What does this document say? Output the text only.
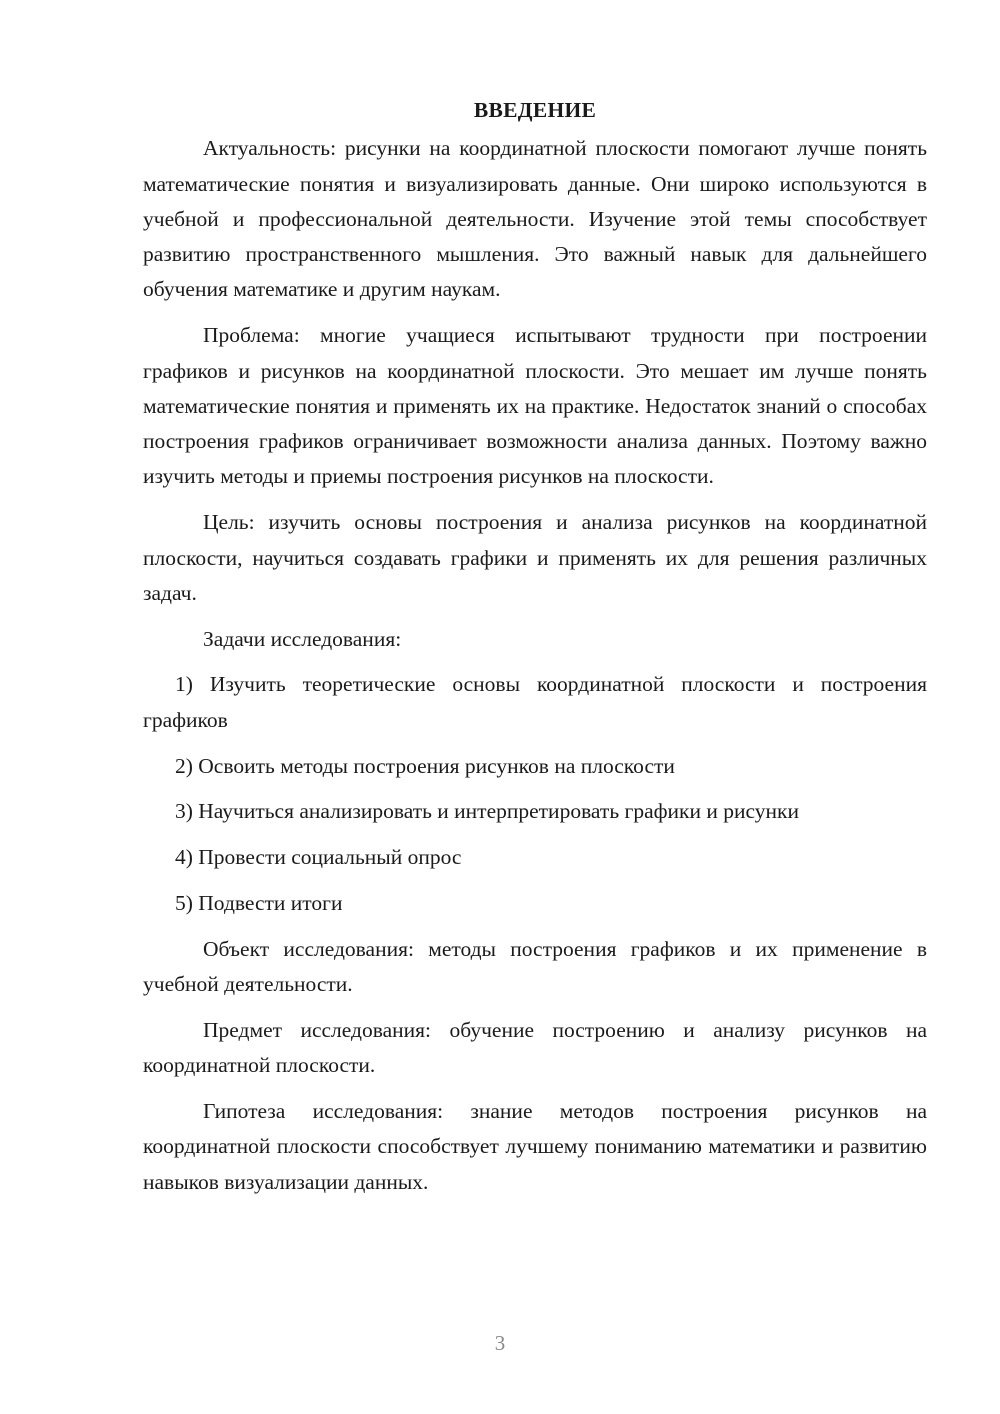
ВВЕДЕНИЕ

Актуальность: рисунки на координатной плоскости помогают лучше понять математические понятия и визуализировать данные. Они широко используются в учебной и профессиональной деятельности. Изучение этой темы способствует развитию пространственного мышления. Это важный навык для дальнейшего обучения математике и другим наукам.

Проблема: многие учащиеся испытывают трудности при построении графиков и рисунков на координатной плоскости. Это мешает им лучше понять математические понятия и применять их на практике. Недостаток знаний о способах построения графиков ограничивает возможности анализа данных. Поэтому важно изучить методы и приемы построения рисунков на плоскости.

Цель: изучить основы построения и анализа рисунков на координатной плоскости, научиться создавать графики и применять их для решения различных задач.

Задачи исследования:

1) Изучить теоретические основы координатной плоскости и построения графиков

2) Освоить методы построения рисунков на плоскости

3) Научиться анализировать и интерпретировать графики и рисунки

4) Провести социальный опрос

5) Подвести итоги

Объект исследования: методы построения графиков и их применение в учебной деятельности.

Предмет исследования: обучение построению и анализу рисунков на координатной плоскости.

Гипотеза исследования: знание методов построения рисунков на координатной плоскости способствует лучшему пониманию математики и развитию навыков визуализации данных.

3
